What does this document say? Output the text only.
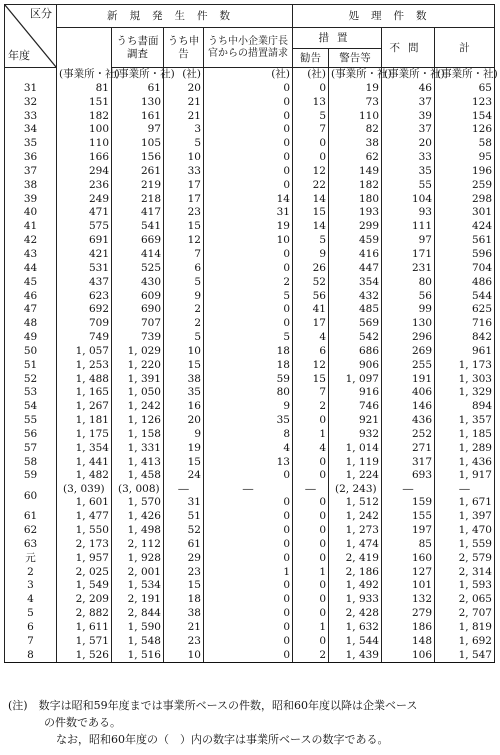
区分
年度	新規発生件数				処理件数			
		うち書面調査	うち申告	うち中小企業庁長官からの措置請求	措置		不問	計
					勧告	警告等		
	(事業所・社)	(事業所・社)	(社)	(社)	(社)	(事業所・社)	(事業所・社)	(事業所・社)
31	81	61	20	0	0	19	46	65
32	151	130	21	0	13	73	37	123
33	182	161	21	0	5	110	39	154
34	100	97	3	0	7	82	37	126
35	110	105	5	0	0	38	20	58
36	166	156	10	0	0	62	33	95
37	294	261	33	0	12	149	35	196
38	236	219	17	0	22	182	55	259
39	249	218	17	14	14	180	104	298
40	471	417	23	31	15	193	93	301
41	575	541	15	19	14	299	111	424
42	691	669	12	10	5	459	97	561
43	421	414	7	0	9	416	171	596
44	531	525	6	0	26	447	231	704
45	437	430	5	2	52	354	80	486
46	623	609	9	5	56	432	56	544
47	692	690	2	0	41	485	99	625
48	709	707	2	0	17	569	130	716
49	749	739	5	5	4	542	296	842
50	1, 057	1, 029	10	18	6	686	269	961
51	1, 253	1, 220	15	18	12	906	255	1, 173
52	1, 488	1, 391	38	59	15	1, 097	191	1, 303
53	1, 165	1, 050	35	80	7	916	406	1, 329
54	1, 267	1, 242	16	9	2	746	146	894
55	1, 181	1, 126	20	35	0	921	436	1, 357
56	1, 175	1, 158	9	8	1	932	252	1, 185
57	1, 354	1, 331	19	4	4	1, 014	271	1, 289
58	1, 441	1, 413	15	13	0	1, 119	317	1, 436
59	1, 482	1, 458	24	0	0	1, 224	693	1, 917
60	(3, 039)	(3, 008)	―	―	―	(2, 243)	―	―
	1, 601	1, 570	31	0	0	1, 512	159	1, 671
61	1, 477	1, 426	51	0	0	1, 242	155	1, 397
62	1, 550	1, 498	52	0	0	1, 273	197	1, 470
63	2, 173	2, 112	61	0	0	1, 474	85	1, 559
元	1, 957	1, 928	29	0	0	2, 419	160	2, 579
2	2, 025	2, 001	23	1	1	2, 186	127	2, 314
3	1, 549	1, 534	15	0	0	1, 492	101	1, 593
4	2, 209	2, 191	18	0	0	1, 933	132	2, 065
5	2, 882	2, 844	38	0	0	2, 428	279	2, 707
6	1, 611	1, 590	21	0	1	1, 632	186	1, 819
7	1, 571	1, 548	23	0	0	1, 544	148	1, 692
8	1, 526	1, 516	10	0	2	1, 439	106	1, 547

(注)　数字は昭和59年度までは事業所ベースの件数，昭和60年度以降は企業ベース

の件数である。

なお，昭和60年度の（　）内の数字は事業所ベースの数字である。
